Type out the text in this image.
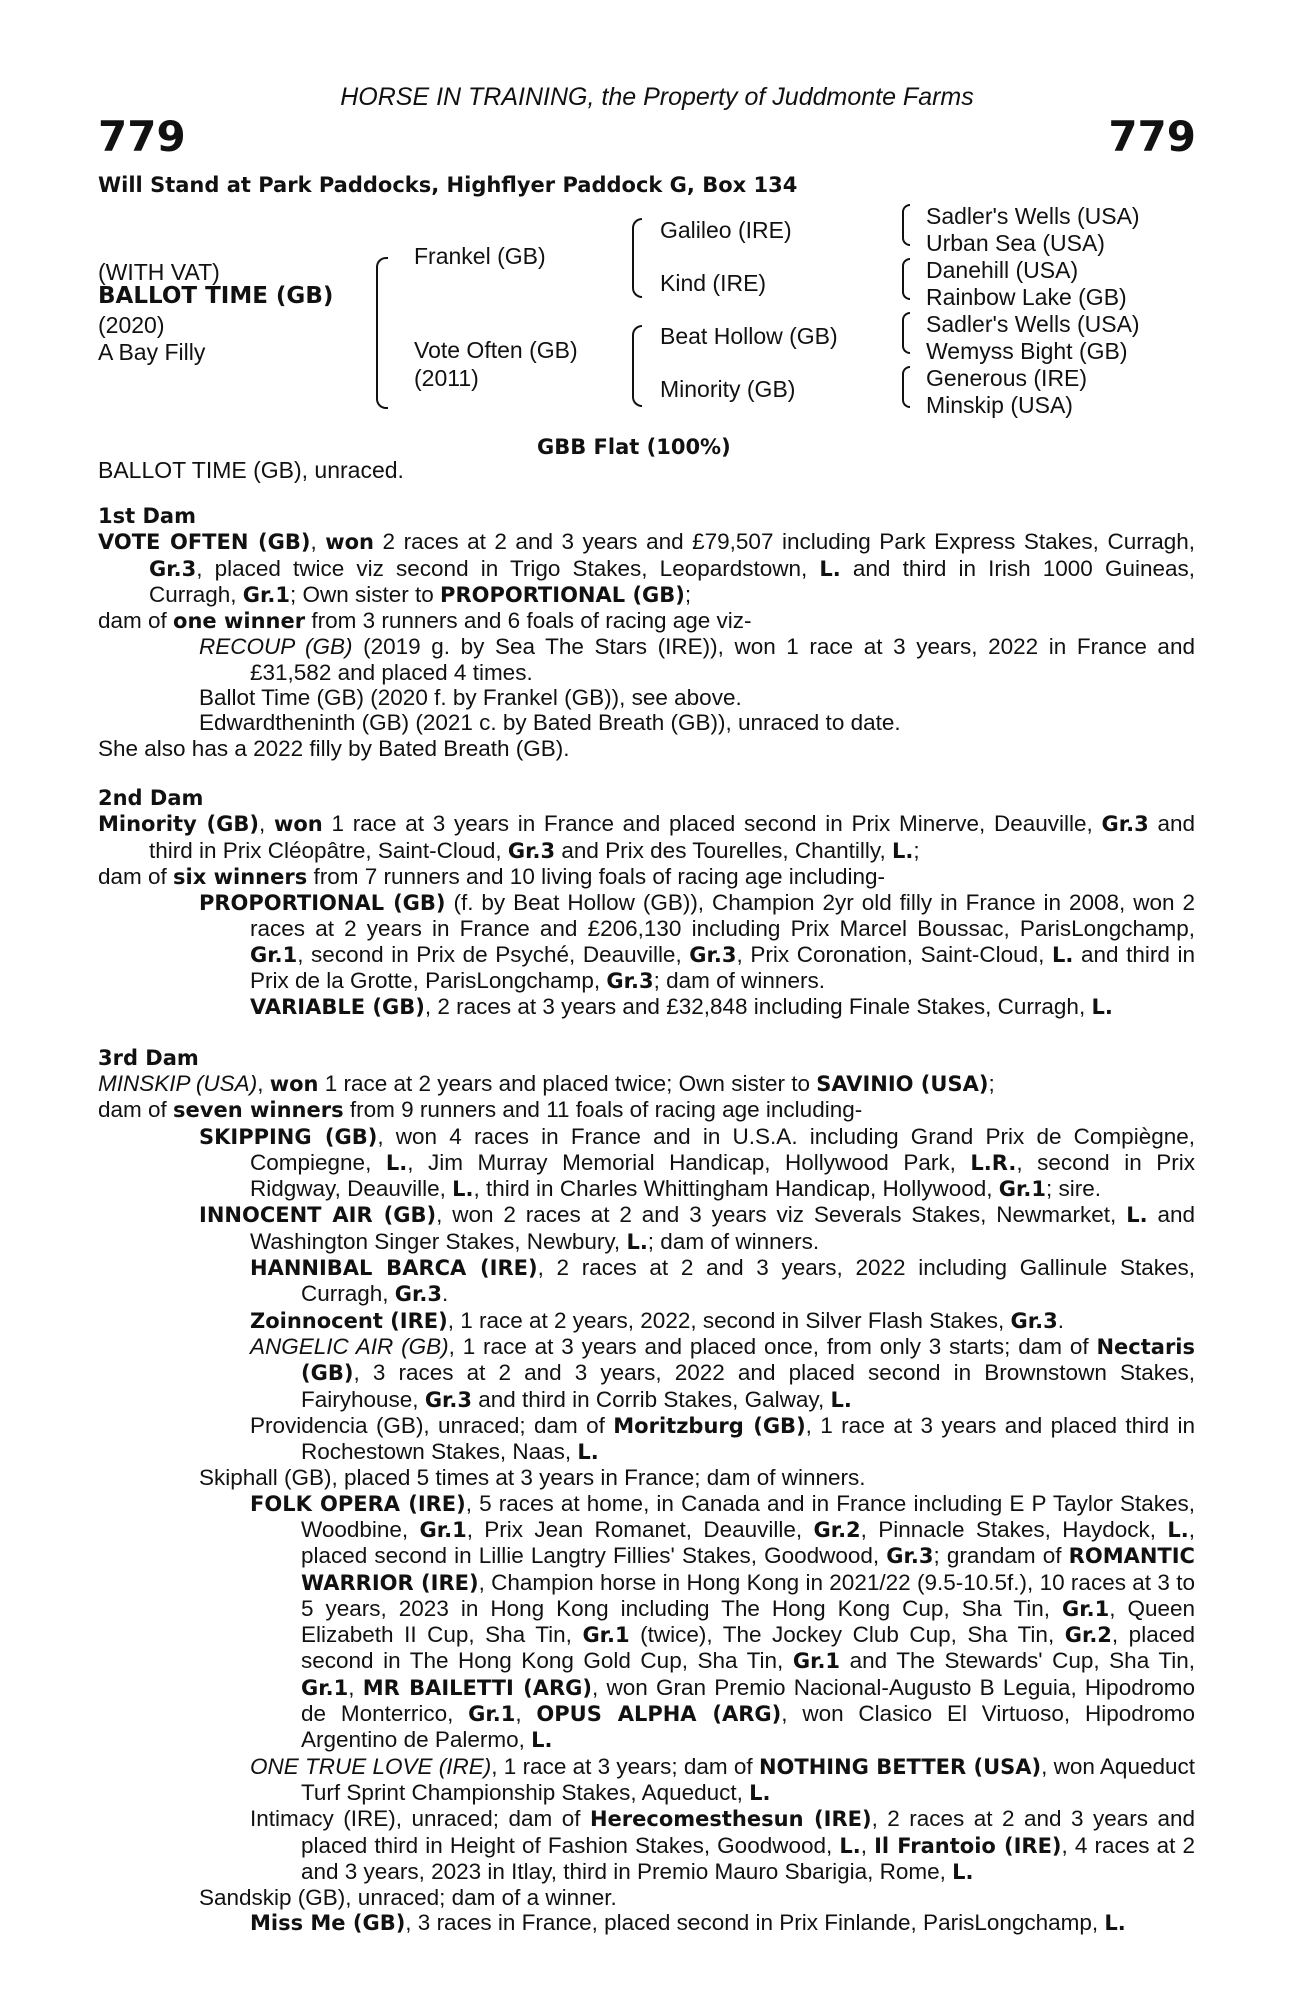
HORSE IN TRAINING, the Property of Juddmonte Farms
779	779
Will Stand at Park Paddocks, Highflyer Paddock G, Box 134
(WITH VAT)
BALLOT TIME (GB)
(2020)
A Bay Filly
Frankel (GB)
Vote Often (GB)
(2011)
Galileo (IRE)
Kind (IRE)
Beat Hollow (GB)
Minority (GB)
Sadler's Wells (USA)
Urban Sea (USA)
Danehill (USA)
Rainbow Lake (GB)
Sadler's Wells (USA)
Wemyss Bight (GB)
Generous (IRE)
Minskip (USA)
GBB Flat (100%)
BALLOT TIME (GB), unraced.
1st Dam

VOTE OFTEN (GB), won 2 races at 2 and 3 years and £79,507 including Park Express Stakes, Curragh, Gr.3, placed twice viz second in Trigo Stakes, Leopardstown, L. and third in Irish 1000 Guineas, Curragh, Gr.1; Own sister to PROPORTIONAL (GB);

dam of one winner from 3 runners and 6 foals of racing age viz-

RECOUP (GB) (2019 g. by Sea The Stars (IRE)), won 1 race at 3 years, 2022 in France and £31,582 and placed 4 times.

Ballot Time (GB) (2020 f. by Frankel (GB)), see above.

Edwardtheninth (GB) (2021 c. by Bated Breath (GB)), unraced to date.

She also has a 2022 filly by Bated Breath (GB).

2nd Dam

Minority (GB), won 1 race at 3 years in France and placed second in Prix Minerve, Deauville, Gr.3 and third in Prix Cléopâtre, Saint-Cloud, Gr.3 and Prix des Tourelles, Chantilly, L.;

dam of six winners from 7 runners and 10 living foals of racing age including-

PROPORTIONAL (GB) (f. by Beat Hollow (GB)), Champion 2yr old filly in France in 2008, won 2 races at 2 years in France and £206,130 including Prix Marcel Boussac, ParisLongchamp, Gr.1, second in Prix de Psyché, Deauville, Gr.3, Prix Coronation, Saint-Cloud, L. and third in Prix de la Grotte, ParisLongchamp, Gr.3; dam of winners.

VARIABLE (GB), 2 races at 3 years and £32,848 including Finale Stakes, Curragh, L.

3rd Dam

MINSKIP (USA), won 1 race at 2 years and placed twice; Own sister to SAVINIO (USA);

dam of seven winners from 9 runners and 11 foals of racing age including-

SKIPPING (GB), won 4 races in France and in U.S.A. including Grand Prix de Compiègne, Compiegne, L., Jim Murray Memorial Handicap, Hollywood Park, L.R., second in Prix Ridgway, Deauville, L., third in Charles Whittingham Handicap, Hollywood, Gr.1; sire.

INNOCENT AIR (GB), won 2 races at 2 and 3 years viz Severals Stakes, Newmarket, L. and Washington Singer Stakes, Newbury, L.; dam of winners.

HANNIBAL BARCA (IRE), 2 races at 2 and 3 years, 2022 including Gallinule Stakes, Curragh, Gr.3.

Zoinnocent (IRE), 1 race at 2 years, 2022, second in Silver Flash Stakes, Gr.3.

ANGELIC AIR (GB), 1 race at 3 years and placed once, from only 3 starts; dam of Nectaris (GB), 3 races at 2 and 3 years, 2022 and placed second in Brownstown Stakes, Fairyhouse, Gr.3 and third in Corrib Stakes, Galway, L.

Providencia (GB), unraced; dam of Moritzburg (GB), 1 race at 3 years and placed third in Rochestown Stakes, Naas, L.

Skiphall (GB), placed 5 times at 3 years in France; dam of winners.

FOLK OPERA (IRE), 5 races at home, in Canada and in France including E P Taylor Stakes, Woodbine, Gr.1, Prix Jean Romanet, Deauville, Gr.2, Pinnacle Stakes, Haydock, L., placed second in Lillie Langtry Fillies' Stakes, Goodwood, Gr.3; grandam of ROMANTIC WARRIOR (IRE), Champion horse in Hong Kong in 2021/22 (9.5-10.5f.), 10 races at 3 to 5 years, 2023 in Hong Kong including The Hong Kong Cup, Sha Tin, Gr.1, Queen Elizabeth II Cup, Sha Tin, Gr.1 (twice), The Jockey Club Cup, Sha Tin, Gr.2, placed second in The Hong Kong Gold Cup, Sha Tin, Gr.1 and The Stewards' Cup, Sha Tin, Gr.1, MR BAILETTI (ARG), won Gran Premio Nacional-Augusto B Leguia, Hipodromo de Monterrico, Gr.1, OPUS ALPHA (ARG), won Clasico El Virtuoso, Hipodromo Argentino de Palermo, L.

ONE TRUE LOVE (IRE), 1 race at 3 years; dam of NOTHING BETTER (USA), won Aqueduct Turf Sprint Championship Stakes, Aqueduct, L.

Intimacy (IRE), unraced; dam of Herecomesthesun (IRE), 2 races at 2 and 3 years and placed third in Height of Fashion Stakes, Goodwood, L., Il Frantoio (IRE), 4 races at 2 and 3 years, 2023 in Itlay, third in Premio Mauro Sbarigia, Rome, L.

Sandskip (GB), unraced; dam of a winner.

Miss Me (GB), 3 races in France, placed second in Prix Finlande, ParisLongchamp, L.
